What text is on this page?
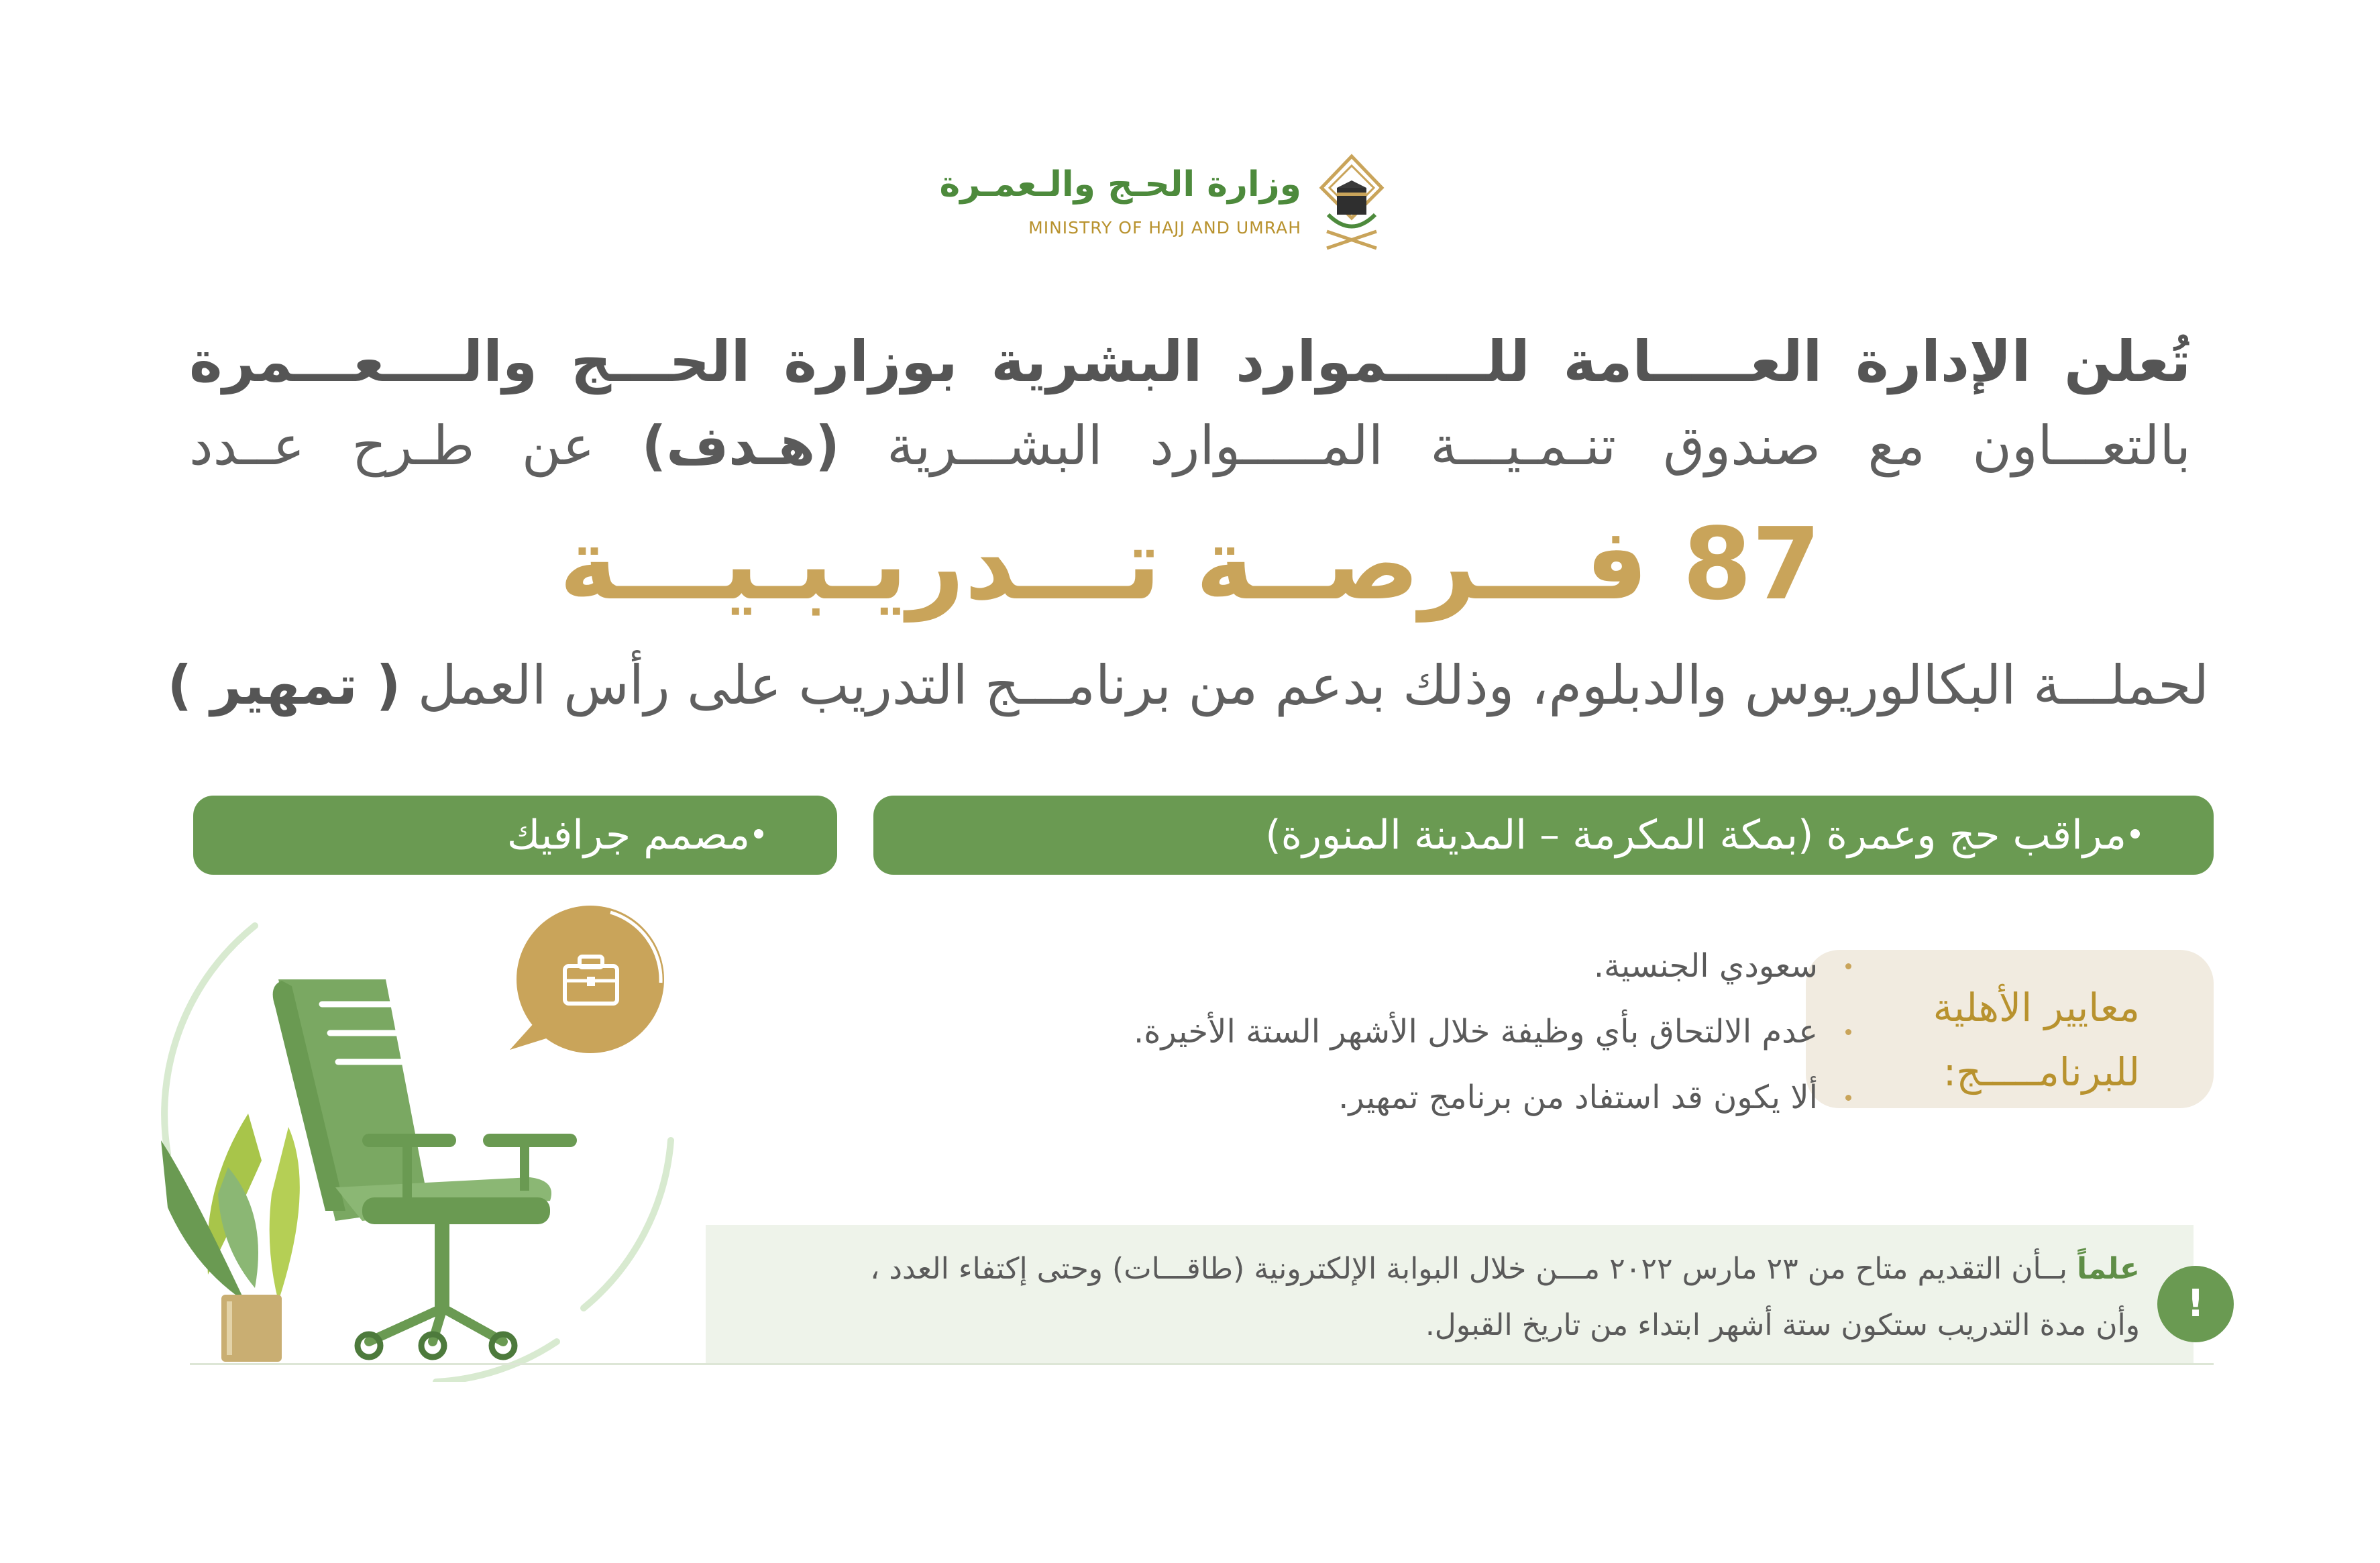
وزارة الحـج والـعمـرة
MINISTRY OF HAJJ AND UMRAH
تُعلن الإدارة العـــــامة للـــــموارد البشرية بوزارة الحـــج والــــعـــمرة
بالتعـــاون مع صندوق تنـمـيـــة المـــــوارد البشـــرية (هـدف) عن طـرح عــدد
87 فـــرصــة تـــدريـبـيـــة
لحملـــة البكالوريوس والدبلوم، وذلك بدعم من برنامـــج التدريب على رأس العمل ( تمهير )
مراقب حج وعمرة (بمكة المكرمة – المدينة المنورة)
مصمم جرافيك
معايير الأهلية
للبرنامـــــج:
سعودي الجنسية.
عدم الالتحاق بأي وظيفة خلال الأشهر الستة الأخيرة.
ألا يكون قد استفاد من برنامج تمهير.
علماً بــأن التقديم متاح من ٢٣ مارس ٢٠٢٢ مـــن خلال البوابة الإلكترونية (طاقـــات) وحتى إكتفاء العدد ،
وأن مدة التدريب ستكون ستة أشهر ابتداء من تاريخ القبول.	!
